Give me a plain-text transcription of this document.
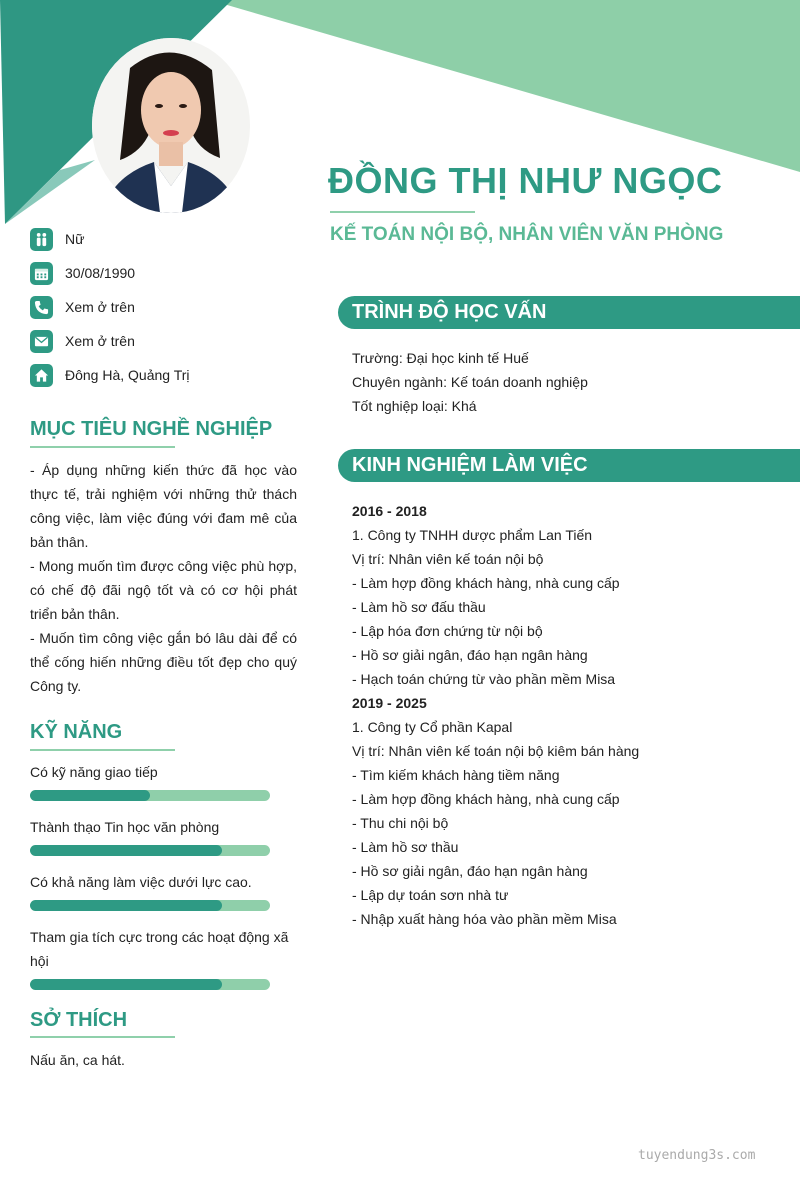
ĐỒNG THỊ NHƯ NGỌC
KẾ TOÁN NỘI BỘ, NHÂN VIÊN VĂN PHÒNG
Nữ
30/08/1990
Xem ở trên
Xem ở trên
Đông Hà, Quảng Trị
MỤC TIÊU NGHỀ NGHIỆP

- Áp dụng những kiến thức đã học vào thực tế, trải nghiệm với những thử thách công việc, làm việc đúng với đam mê của bản thân.

- Mong muốn tìm được công việc phù hợp, có chế độ đãi ngộ tốt và có cơ hội phát triển bản thân.

- Muốn tìm công việc gắn bó lâu dài để có thể cống hiến những điều tốt đẹp cho quý Công ty.

KỸ NĂNG
Có kỹ năng giao tiếp
Thành thạo Tin học văn phòng
Có khả năng làm việc dưới lực cao.
Tham gia tích cực trong các hoạt động xã hội
SỞ THÍCH
Nấu ăn, ca hát.
TRÌNH ĐỘ HỌC VẤN
Trường: Đại học kinh tế Huế
Chuyên ngành: Kế toán doanh nghiệp
Tốt nghiệp loại: Khá
KINH NGHIỆM LÀM VIỆC
2016 - 2018
1. Công ty TNHH dược phẩm Lan Tiến
Vị trí: Nhân viên kế toán nội bộ
- Làm hợp đồng khách hàng, nhà cung cấp
- Làm hồ sơ đấu thầu
- Lập hóa đơn chứng từ nội bộ
- Hồ sơ giải ngân, đáo hạn ngân hàng
- Hạch toán chứng từ vào phần mềm Misa
2019 - 2025
1. Công ty Cổ phần Kapal
Vị trí: Nhân viên kế toán nội bộ kiêm bán hàng
- Tìm kiếm khách hàng tiềm năng
- Làm hợp đồng khách hàng, nhà cung cấp
- Thu chi nội bộ
- Làm hồ sơ thầu
- Hồ sơ giải ngân, đáo hạn ngân hàng
- Lập dự toán sơn nhà tư
- Nhập xuất hàng hóa vào phần mềm Misa
tuyendung3s.com
